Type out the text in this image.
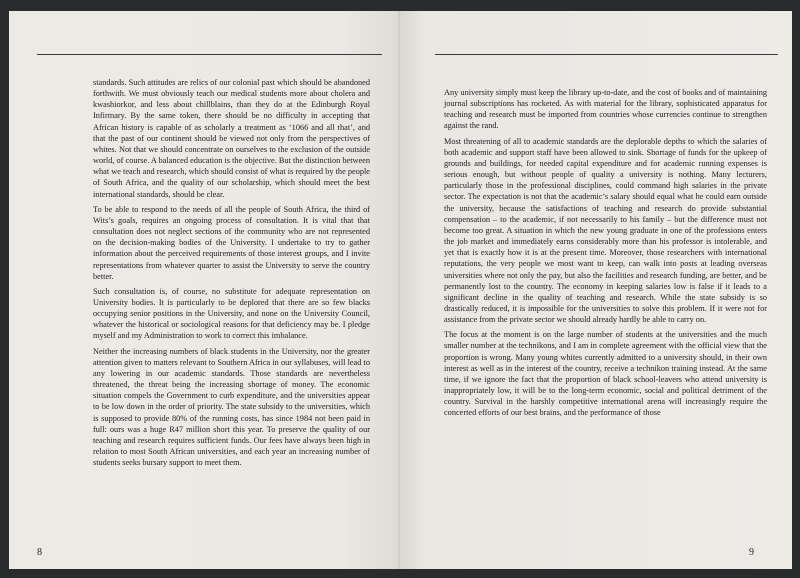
standards. Such attitudes are relics of our colonial past which should be abandoned forthwith. We must obviously teach our medical students more about cholera and kwashiorkor, and less about chillblains, than they do at the Edinburgh Royal Infirmary. By the same token, there should be no difficulty in accepting that African history is capable of as scholarly a treatment as ‘1066 and all that’, and that the past of our continent should be viewed not only from the perspectives of whites. Not that we should concentrate on ourselves to the exclusion of the outside world, of course. A balanced education is the objective. But the distinction between what we teach and research, which should consist of what is required by the people of South Africa, and the quality of our scholarship, which should meet the best international standards, should be clear.

To be able to respond to the needs of all the people of South Africa, the third of Wits’s goals, requires an ongoing process of consultation. It is vital that that consultation does not neglect sections of the community who are not represented on the decision-making bodies of the University. I undertake to try to gather information about the perceived requirements of those interest groups, and I invite representations from whatever quarter to assist the University to serve the country better.

Such consultation is, of course, no substitute for adequate representation on University bodies. It is particularly to be deplored that there are so few blacks occupying senior positions in the University, and none on the University Council, whatever the historical or sociological reasons for that deficiency may be. I pledge myself and my Administration to work to correct this imbalance.

Neither the increasing numbers of black students in the University, nor the greater attention given to matters relevant to Southern Africa in our syllabuses, will lead to any lowering in our academic standards. Those standards are nevertheless threatened, the threat being the increasing shortage of money. The economic situation compels the Government to curb expenditure, and the universities appear to be low down in the order of priority. The state subsidy to the universities, which is supposed to provide 80% of the running costs, has since 1984 not been paid in full: ours was a huge R47 million short this year. To preserve the quality of our teaching and research requires sufficient funds. Our fees have always been high in relation to most South African universities, and each year an increasing number of students seeks bursary support to meet them.

8

Any university simply must keep the library up-to-date, and the cost of books and of maintaining journal subscriptions has rocketed. As with material for the library, sophisticated apparatus for teaching and research must be imported from countries whose currencies continue to strengthen against the rand.

Most threatening of all to academic standards are the deplorable depths to which the salaries of both academic and support staff have been allowed to sink. Shortage of funds for the upkeep of grounds and buildings, for needed capital expenditure and for academic running expenses is serious enough, but without people of quality a university is nothing. Many lecturers, particularly those in the professional disciplines, could command high salaries in the private sector. The expectation is not that the academic’s salary should equal what he could earn outside the university, because the satisfactions of teaching and research do provide substantial compensation – to the academic, if not necessarily to his family – but the difference must not become too great. A situation in which the new young graduate in one of the professions enters the job market and immediately earns considerably more than his professor is intolerable, and yet that is exactly how it is at the present time. Moreover, those researchers with international reputations, the very people we most want to keep, can walk into posts at leading overseas universities where not only the pay, but also the facilities and research funding, are better, and be permanently lost to the country. The economy in keeping salaries low is false if it leads to a significant decline in the quality of teaching and research. While the state subsidy is so drastically reduced, it is impossible for the universities to solve this problem. If it were not for assistance from the private sector we should already hardly be able to carry on.

The focus at the moment is on the large number of students at the universities and the much smaller number at the technikons, and I am in complete agreement with the official view that the proportion is wrong. Many young whites currently admitted to a university should, in their own interest as well as in the interest of the country, receive a technikon training instead. At the same time, if we ignore the fact that the proportion of black school-leavers who attend university is inappropriately low, it will be to the long-term economic, social and political detriment of the country. Survival in the harshly competitive international arena will increasingly require the concerted efforts of our best brains, and the performance of those

9
